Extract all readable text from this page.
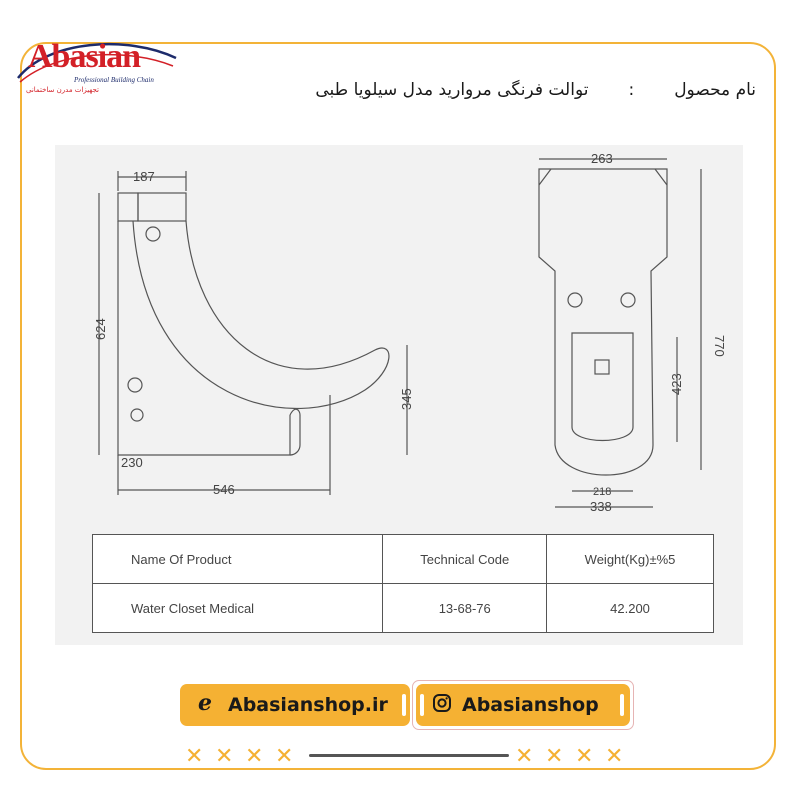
Abasian
Professional Building Chain
تجهیزات مدرن ساختمانی	نام محصول
:
توالت فرنگی مروارید مدل سیلویا طبی
187
624
345
230
546
263
770
423
218
338
Name Of Product	Technical Code	Weight(Kg)±%5
Water Closet Medical	13-68-76	42.200
e Abasianshop.ir	Abasianshop
✕ ✕ ✕ ✕	✕ ✕ ✕ ✕
